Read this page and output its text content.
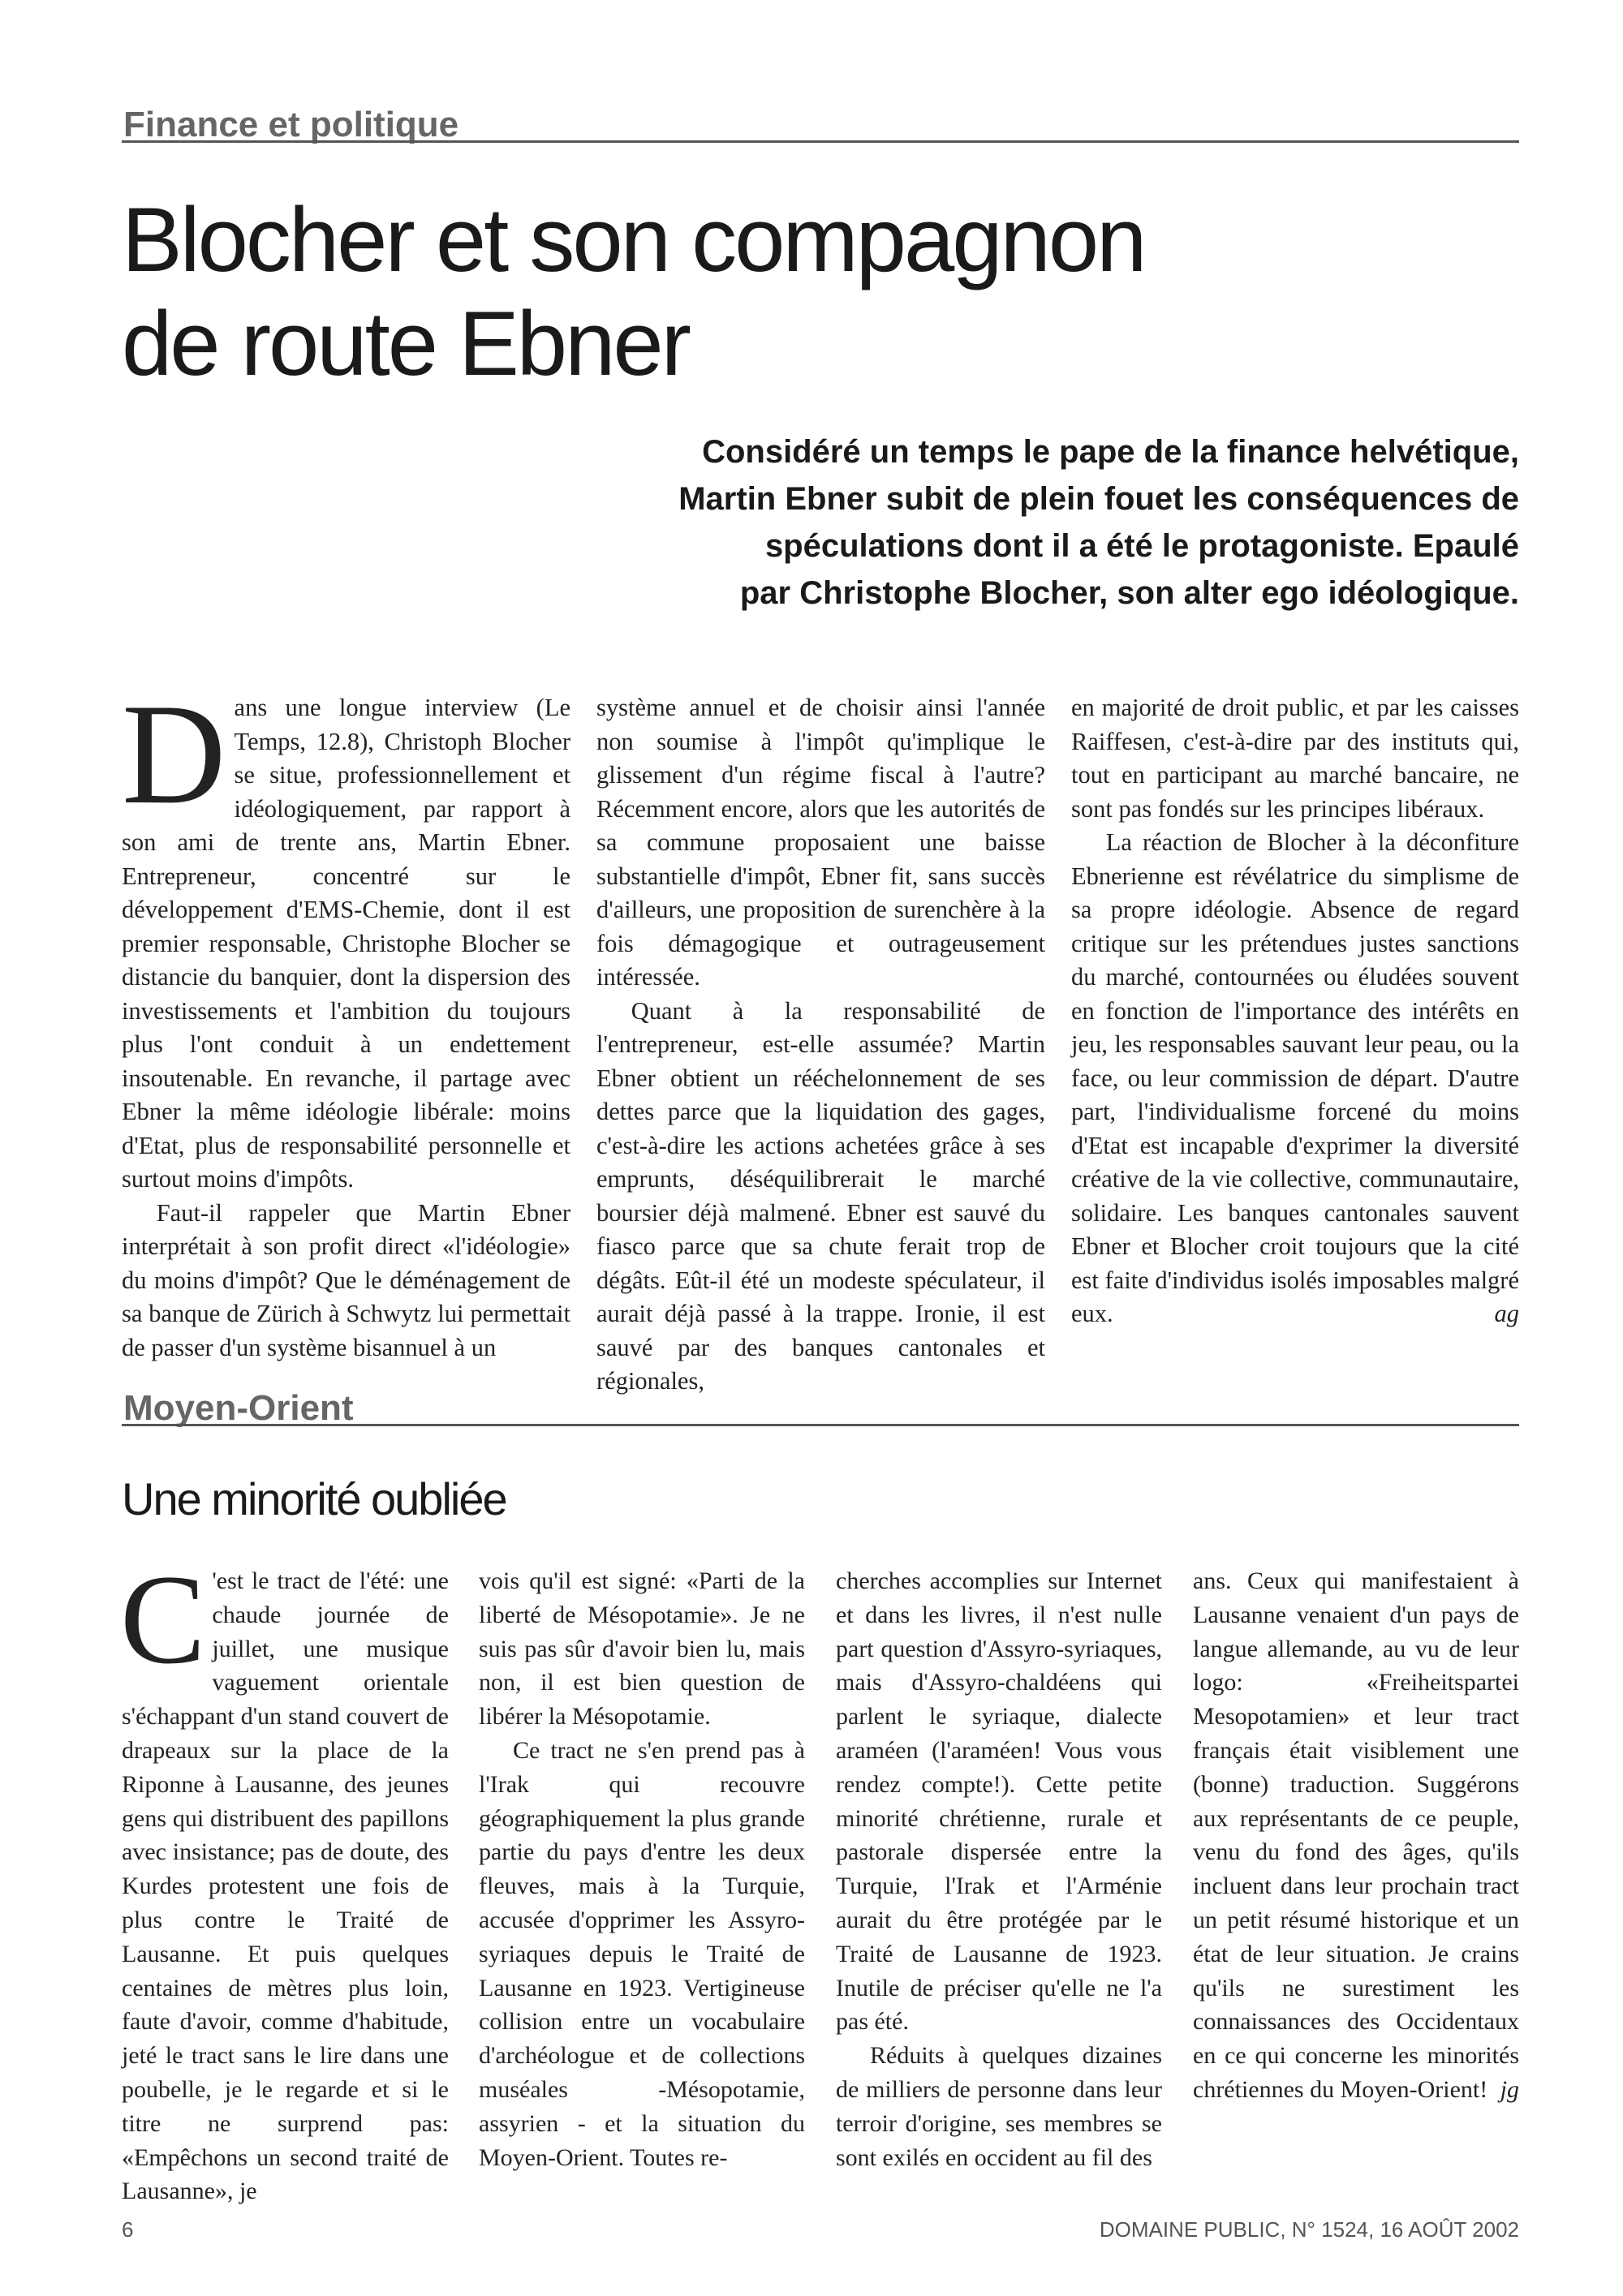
Finance et politique
Blocher et son compagnon
de route Ebner
Considéré un temps le pape de la finance helvétique,
Martin Ebner subit de plein fouet les conséquences de
spéculations dont il a été le protagoniste. Epaulé
par Christophe Blocher, son alter ego idéologique.

Dans une longue interview (Le Temps, 12.8), Christoph Blocher se situe, professionnellement et idéologiquement, par rapport à son ami de trente ans, Martin Ebner. Entrepreneur, concentré sur le développement d'EMS-Chemie, dont il est premier responsable, Christophe Blocher se distancie du banquier, dont la dispersion des investissements et l'ambition du toujours plus l'ont conduit à un endettement insoutenable. En revanche, il partage avec Ebner la même idéologie libérale: moins d'Etat, plus de responsabilité personnelle et surtout moins d'impôts.

Faut-il rappeler que Martin Ebner interprétait à son profit direct «l'idéologie» du moins d'impôt? Que le déménagement de sa banque de Zürich à Schwytz lui permettait de passer d'un système bisannuel à un

système annuel et de choisir ainsi l'année non soumise à l'impôt qu'implique le glissement d'un régime fiscal à l'autre? Récemment encore, alors que les autorités de sa commune proposaient une baisse substantielle d'impôt, Ebner fit, sans succès d'ailleurs, une proposition de surenchère à la fois démagogique et outrageusement intéressée.

Quant à la responsabilité de l'entrepreneur, est-elle assumée? Martin Ebner obtient un rééchelonnement de ses dettes parce que la liquidation des gages, c'est-à-dire les actions achetées grâce à ses emprunts, déséquilibrerait le marché boursier déjà malmené. Ebner est sauvé du fiasco parce que sa chute ferait trop de dégâts. Eût-il été un modeste spéculateur, il aurait déjà passé à la trappe. Ironie, il est sauvé par des banques cantonales et régionales,

en majorité de droit public, et par les caisses Raiffesen, c'est-à-dire par des instituts qui, tout en participant au marché bancaire, ne sont pas fondés sur les principes libéraux.

La réaction de Blocher à la déconfiture Ebnerienne est révélatrice du simplisme de sa propre idéologie. Absence de regard critique sur les prétendues justes sanctions du marché, contournées ou éludées souvent en fonction de l'importance des intérêts en jeu, les responsables sauvant leur peau, ou la face, ou leur commission de départ. D'autre part, l'individualisme forcené du moins d'Etat est incapable d'exprimer la diversité créative de la vie collective, communautaire, solidaire. Les banques cantonales sauvent Ebner et Blocher croit toujours que la cité est faite d'individus isolés imposables malgré eux.	ag

Moyen-Orient
Une minorité oubliée

C 'est le tract de l'été: une chaude journée de juillet, une musique vaguement orientale s'échappant d'un stand couvert de drapeaux sur la place de la Riponne à Lausanne, des jeunes gens qui distribuent des papillons avec insistance; pas de doute, des Kurdes protestent une fois de plus contre le Traité de Lausanne. Et puis quelques centaines de mètres plus loin, faute d'avoir, comme d'habitude, jeté le tract sans le lire dans une poubelle, je le regarde et si le titre ne surprend pas: «Empêchons un second traité de Lausanne», je

vois qu'il est signé: «Parti de la liberté de Mésopotamie». Je ne suis pas sûr d'avoir bien lu, mais non, il est bien question de libérer la Mésopotamie.

Ce tract ne s'en prend pas à l'Irak qui recouvre géographiquement la plus grande partie du pays d'entre les deux fleuves, mais à la Turquie, accusée d'opprimer les Assyro-syriaques depuis le Traité de Lausanne en 1923. Vertigineuse collision entre un vocabulaire d'archéologue et de collections muséales -Mésopotamie, assyrien - et la situation du Moyen-Orient. Toutes re-

cherches accomplies sur Internet et dans les livres, il n'est nulle part question d'Assyro-syriaques, mais d'Assyro-chaldéens qui parlent le syriaque, dialecte araméen (l'araméen! Vous vous rendez compte!). Cette petite minorité chrétienne, rurale et pastorale dispersée entre la Turquie, l'Irak et l'Arménie aurait du être protégée par le Traité de Lausanne de 1923. Inutile de préciser qu'elle ne l'a pas été.

Réduits à quelques dizaines de milliers de personne dans leur terroir d'origine, ses membres se sont exilés en occident au fil des

ans. Ceux qui manifestaient à Lausanne venaient d'un pays de langue allemande, au vu de leur logo: «Freiheitspartei Mesopotamien» et leur tract français était visiblement une (bonne) traduction. Suggérons aux représentants de ce peuple, venu du fond des âges, qu'ils incluent dans leur prochain tract un petit résumé historique et un état de leur situation. Je crains qu'ils ne surestiment les connaissances des Occidentaux en ce qui concerne les minorités chrétiennes du Moyen-Orient! jg

6	DOMAINE PUBLIC, N° 1524, 16 AOÛT 2002
